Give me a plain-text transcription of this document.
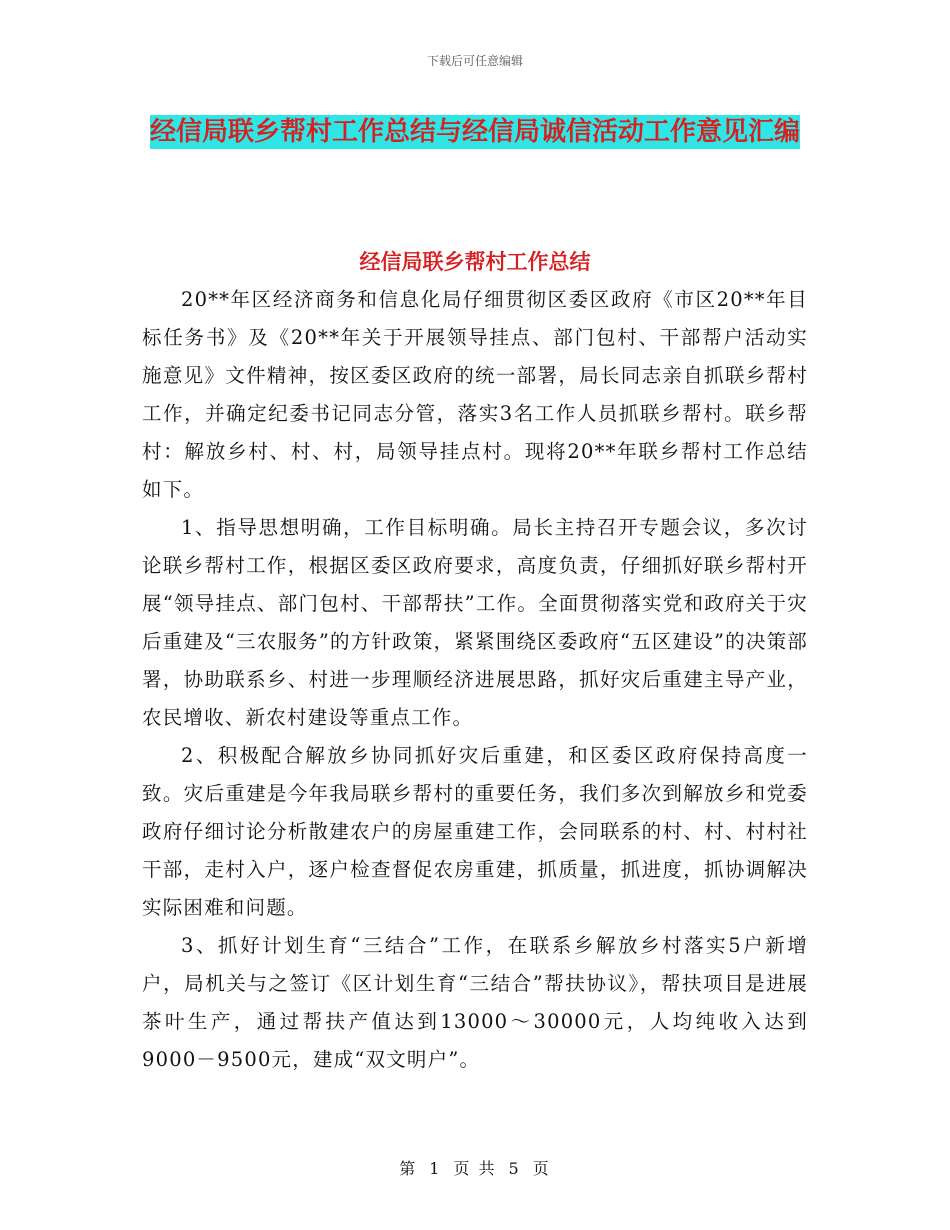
下载后可任意编辑
经信局联乡帮村工作总结与经信局诚信活动工作意见汇编
经信局联乡帮村工作总结

20**年区经济商务和信息化局仔细贯彻区委区政府《市区20**年目标任务书》及《20**年关于开展领导挂点、部门包村、干部帮户活动实施意见》文件精神，按区委区政府的统一部署，局长同志亲自抓联乡帮村工作，并确定纪委书记同志分管，落实3名工作人员抓联乡帮村。联乡帮村：解放乡村、村、村，局领导挂点村。现将20**年联乡帮村工作总结如下。

1、指导思想明确，工作目标明确。局长主持召开专题会议，多次讨论联乡帮村工作，根据区委区政府要求，高度负责，仔细抓好联乡帮村开展“领导挂点、部门包村、干部帮扶”工作。全面贯彻落实党和政府关于灾后重建及“三农服务”的方针政策，紧紧围绕区委政府“五区建设”的决策部署，协助联系乡、村进一步理顺经济进展思路，抓好灾后重建主导产业，农民增收、新农村建设等重点工作。

2、积极配合解放乡协同抓好灾后重建，和区委区政府保持高度一致。灾后重建是今年我局联乡帮村的重要任务，我们多次到解放乡和党委政府仔细讨论分析散建农户的房屋重建工作，会同联系的村、村、村村社干部，走村入户，逐户检查督促农房重建，抓质量，抓进度，抓协调解决实际困难和问题。

3、抓好计划生育“三结合”工作，在联系乡解放乡村落实5户新增户，局机关与之签订《区计划生育“三结合”帮扶协议》，帮扶项目是进展茶叶生产，通过帮扶产值达到13000～30000元，人均纯收入达到9000－9500元，建成“双文明户”。

第 1 页 共 5 页
